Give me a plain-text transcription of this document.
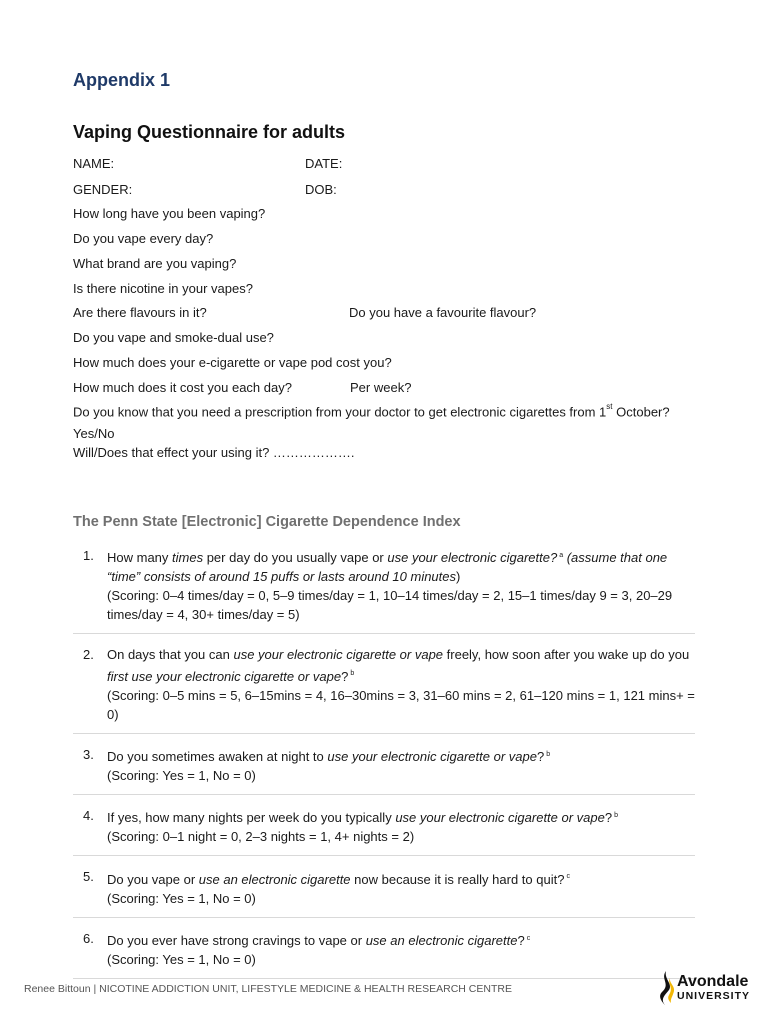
Appendix 1
Vaping Questionnaire for adults
NAME:	DATE:
GENDER:	DOB:
How long have you been vaping?
Do you vape every day?
What brand are you vaping?
Is there nicotine in your vapes?
Are there flavours in it?	Do you have a favourite flavour?
Do you vape and smoke-dual use?
How much does your e-cigarette or vape pod cost you?
How much does it cost you each day?	Per week?
Do you know that you need a prescription from your doctor to get electronic cigarettes from 1st October? Yes/No
Will/Does that effect your using it? ……………….
The Penn State [Electronic] Cigarette Dependence Index
1. How many times per day do you usually vape or use your electronic cigarette? $^a$ (assume that one “time” consists of around 15 puffs or lasts around 10 minutes)
(Scoring: 0–4 times/day = 0, 5–9 times/day = 1, 10–14 times/day = 2, 15–1 times/day 9 = 3, 20–29 times/day = 4, 30+ times/day = 5)
2. On days that you can use your electronic cigarette or vape freely, how soon after you wake up do you first use your electronic cigarette or vape? $^b$
(Scoring: 0–5 mins = 5, 6–15mins = 4, 16–30mins = 3, 31–60 mins = 2, 61–120 mins = 1, 121 mins+ = 0)
3. Do you sometimes awaken at night to use your electronic cigarette or vape? $^b$
(Scoring: Yes = 1, No = 0)
4. If yes, how many nights per week do you typically use your electronic cigarette or vape? $^b$
(Scoring: 0–1 night = 0, 2–3 nights = 1, 4+ nights = 2)
5. Do you vape or use an electronic cigarette now because it is really hard to quit? $^c$
(Scoring: Yes = 1, No = 0)
6. Do you ever have strong cravings to vape or use an electronic cigarette? $^c$
(Scoring: Yes = 1, No = 0)
Renee Bittoun | NICOTINE ADDICTION UNIT, LIFESTYLE MEDICINE & HEALTH RESEARCH CENTRE	Avondale
UNIVERSITY
